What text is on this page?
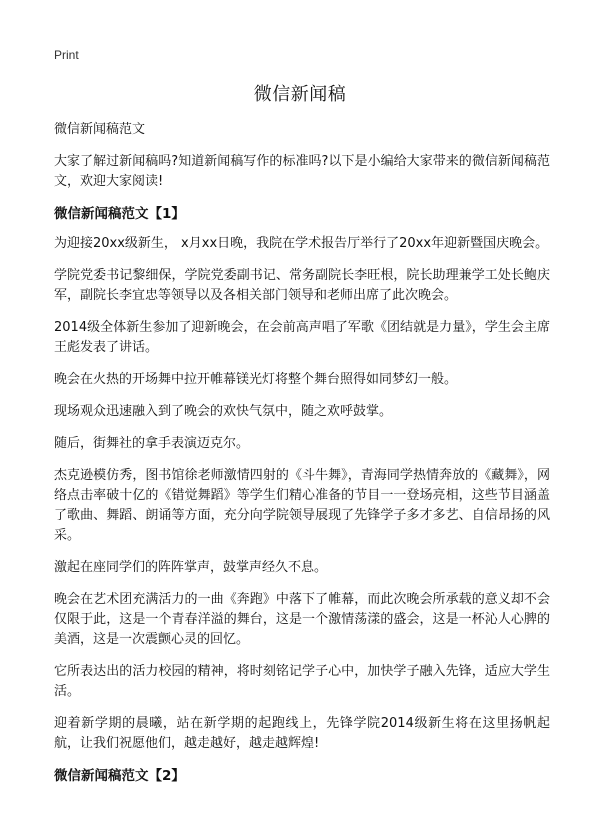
Print
微信新闻稿

微信新闻稿范文

大家了解过新闻稿吗?知道新闻稿写作的标准吗?以下是小编给大家带来的微信新闻稿范文，欢迎大家阅读!

微信新闻稿范文【1】

为迎接20xx级新生， x月xx日晚，我院在学术报告厅举行了20xx年迎新暨国庆晚会。

学院党委书记黎细保，学院党委副书记、常务副院长李旺根，院长助理兼学工处长鲍庆军，副院长李宜忠等领导以及各相关部门领导和老师出席了此次晚会。

2014级全体新生参加了迎新晚会，在会前高声唱了军歌《团结就是力量》，学生会主席王彪发表了讲话。

晚会在火热的开场舞中拉开帷幕镁光灯将整个舞台照得如同梦幻一般。

现场观众迅速融入到了晚会的欢快气氛中，随之欢呼鼓掌。

随后，街舞社的拿手表演迈克尔。

杰克逊模仿秀，图书馆徐老师激情四射的《斗牛舞》，青海同学热情奔放的《藏舞》，网络点击率破十亿的《错觉舞蹈》等学生们精心准备的节目一一登场亮相，这些节目涵盖了歌曲、舞蹈、朗诵等方面，充分向学院领导展现了先锋学子多才多艺、自信昂扬的风采。

激起在座同学们的阵阵掌声，鼓掌声经久不息。

晚会在艺术团充满活力的一曲《奔跑》中落下了帷幕，而此次晚会所承载的意义却不会仅限于此，这是一个青春洋溢的舞台，这是一个激情荡漾的盛会，这是一杯沁人心脾的美酒，这是一次震颤心灵的回忆。

它所表达出的活力校园的精神，将时刻铭记学子心中，加快学子融入先锋，适应大学生活。

迎着新学期的晨曦，站在新学期的起跑线上，先锋学院2014级新生将在这里扬帆起航，让我们祝愿他们，越走越好，越走越辉煌!

微信新闻稿范文【2】
